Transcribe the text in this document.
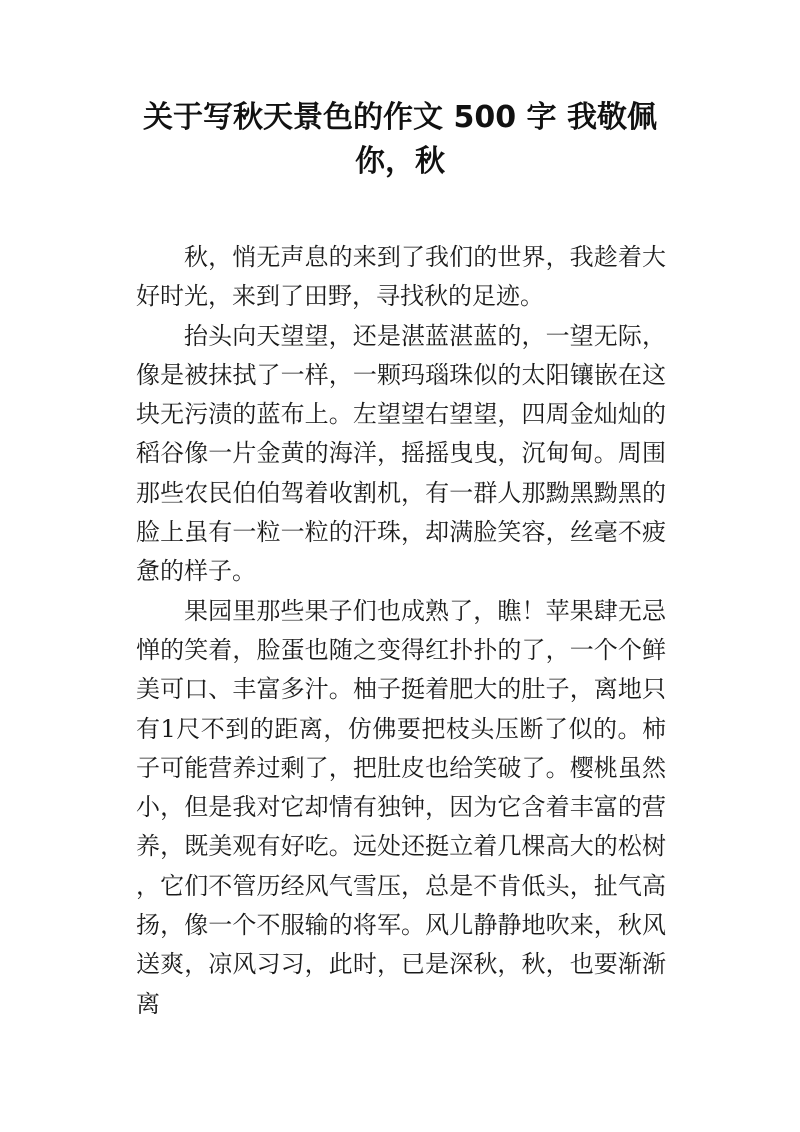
关于写秋天景色的作文 500 字 我敬佩
你，秋

秋，悄无声息的来到了我们的世界，我趁着大好时光，来到了田野，寻找秋的足迹。

抬头向天望望，还是湛蓝湛蓝的，一望无际，像是被抹拭了一样，一颗玛瑙珠似的太阳镶嵌在这块无污渍的蓝布上。左望望右望望，四周金灿灿的稻谷像一片金黄的海洋，摇摇曳曳，沉甸甸。周围那些农民伯伯驾着收割机，有一群人那黝黑黝黑的脸上虽有一粒一粒的汗珠，却满脸笑容，丝毫不疲惫的样子。

果园里那些果子们也成熟了，瞧！苹果肆无忌惮的笑着，脸蛋也随之变得红扑扑的了，一个个鲜美可口、丰富多汁。柚子挺着肥大的肚子，离地只有1尺不到的距离，仿佛要把枝头压断了似的。柿子可能营养过剩了，把肚皮也给笑破了。樱桃虽然小，但是我对它却情有独钟，因为它含着丰富的营养，既美观有好吃。远处还挺立着几棵高大的松树，它们不管历经风气雪压，总是不肯低头，扯气高扬，像一个不服输的将军。风儿静静地吹来，秋风送爽，凉风习习，此时，已是深秋，秋，也要渐渐离
